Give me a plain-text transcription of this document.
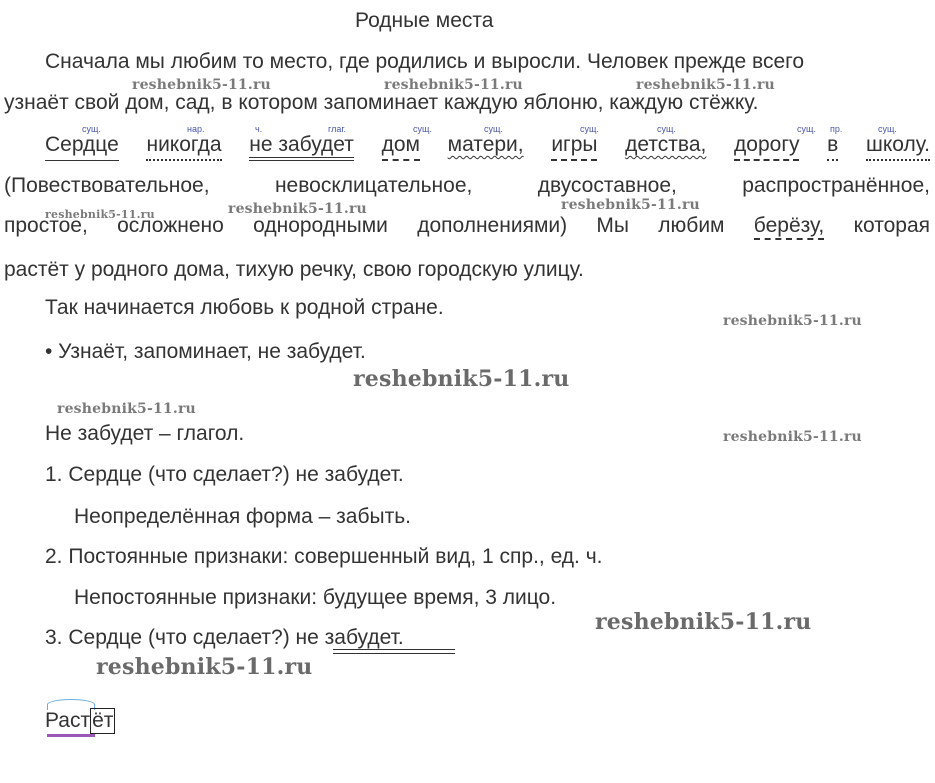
Родные места
Сначала мы любим то место, где родились и выросли. Человек прежде всего
узнаёт свой дом, сад, в котором запоминает каждую яблоню, каждую стёжку.
сущ.	нар.	ч.	глаг.	сущ.	сущ.	сущ.	сущ.	сущ. пр.	сущ.
Сердце никогда не забудет дом матери, игры детства, дорогу в школу.
(Повествовательное,	невосклицательное,	двусоставное,	распространённое,
простое, осложнено однородными дополнениями) Мы любим берёзу, которая
растёт у родного дома, тихую речку, свою городскую улицу.
Так начинается любовь к родной стране.
• Узнаёт, запоминает, не забудет.
Не забудет – глагол.
1. Сердце (что сделает?) не забудет.
Неопределённая форма – забыть.
2. Постоянные признаки: совершенный вид, 1 спр., ед. ч.
Непостоянные признаки: будущее время, 3 лицо.
3. Сердце (что сделает?) не забудет.
Растёт
reshebnik5-11.ru	reshebnik5-11.ru	reshebnik5-11.ru
reshebnik5-11.ru	reshebnik5-11.ru	reshebnik5-11.ru
reshebnik5-11.ru
reshebnik5-11.ru
reshebnik5-11.ru
reshebnik5-11.ru
reshebnik5-11.ru
reshebnik5-11.ru
